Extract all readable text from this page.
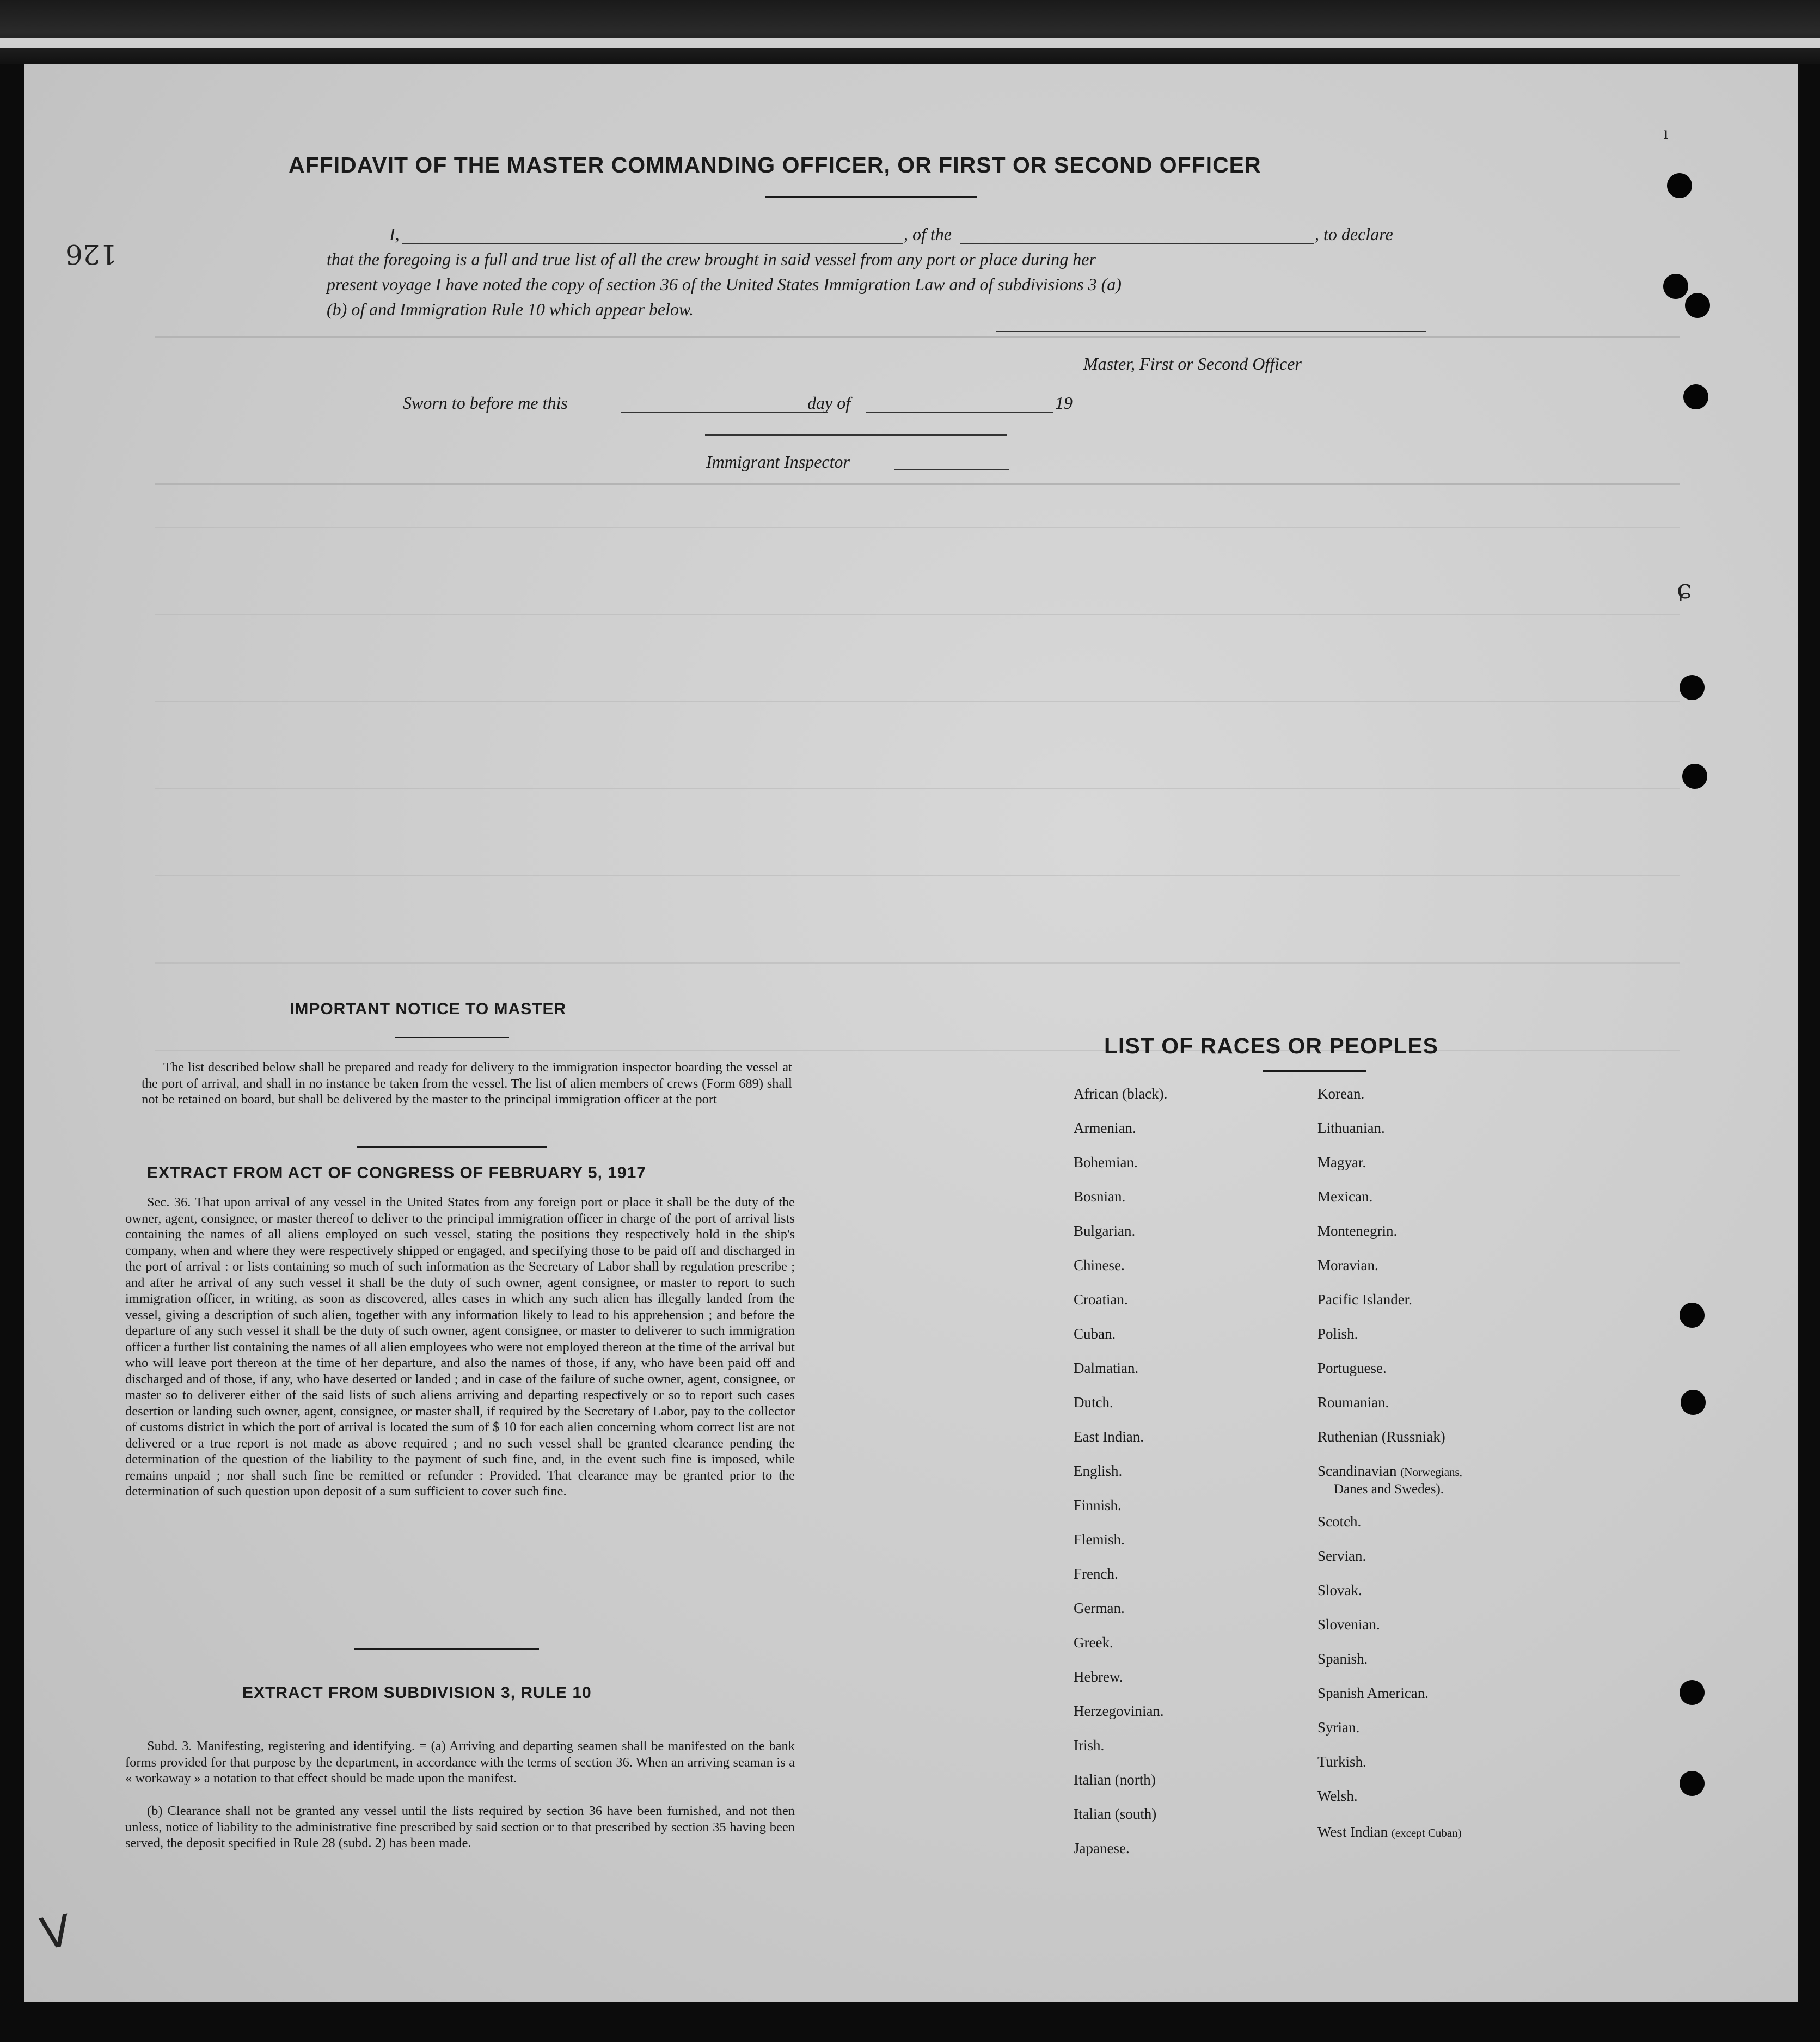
AFFIDAVIT OF THE MASTER COMMANDING OFFICER, OR FIRST OR SECOND OFFICER
I,	, of the	, to declare
that the foregoing is a full and true list of all the crew brought in said vessel from any port or place during her
present voyage I have noted the copy of section 36 of the United States Immigration Law and of subdivisions 3 (a)
(b) of and Immigration Rule 10 which appear below.
Master, First or Second Officer
Sworn to before me this	day of	19
Immigrant Inspector
126
V
ı
ɕ
IMPORTANT NOTICE TO MASTER
The list described below shall be prepared and ready for delivery to the immigration inspector boarding the vessel at the port of arrival, and shall in no instance be taken from the vessel. The list of alien members of crews (Form 689) shall not be retained on board, but shall be delivered by the master to the principal immigration officer at the port
EXTRACT FROM ACT OF CONGRESS OF FEBRUARY 5, 1917
Sec. 36. That upon arrival of any vessel in the United States from any foreign port or place it shall be the duty of the owner, agent, consignee, or master thereof to deliver to the principal immigration officer in charge of the port of arrival lists containing the names of all aliens employed on such vessel, stating the positions they respectively hold in the ship's company, when and where they were respectively shipped or engaged, and specifying those to be paid off and discharged in the port of arrival : or lists containing so much of such information as the Secretary of Labor shall by regulation prescribe ; and after he arrival of any such vessel it shall be the duty of such owner, agent consignee, or master to report to such immigration officer, in writing, as soon as discovered, alles cases in which any such alien has illegally landed from the vessel, giving a description of such alien, together with any information likely to lead to his apprehension ; and before the departure of any such vessel it shall be the duty of such owner, agent consignee, or master to deliverer to such immigration officer a further list containing the names of all alien employees who were not employed thereon at the time of the arrival but who will leave port thereon at the time of her departure, and also the names of those, if any, who have been paid off and discharged and of those, if any, who have deserted or landed ; and in case of the failure of suche owner, agent, consignee, or master so to deliverer either of the said lists of such aliens arriving and departing respectively or so to report such cases desertion or landing such owner, agent, consignee, or master shall, if required by the Secretary of Labor, pay to the collector of customs district in which the port of arrival is located the sum of $ 10 for each alien concerning whom correct list are not delivered or a true report is not made as above required ; and no such vessel shall be granted clearance pending the determination of the question of the liability to the payment of such fine, and, in the event such fine is imposed, while remains unpaid ; nor shall such fine be remitted or refunder : Provided. That clearance may be granted prior to the determination of such question upon deposit of a sum sufficient to cover such fine.
EXTRACT FROM SUBDIVISION 3, RULE 10
Subd. 3. Manifesting, registering and identifying. = (a) Arriving and departing seamen shall be manifested on the bank forms provided for that purpose by the department, in accordance with the terms of section 36. When an arriving seaman is a « workaway » a notation to that effect should be made upon the manifest.
(b) Clearance shall not be granted any vessel until the lists required by section 36 have been furnished, and not then unless, notice of liability to the administrative fine prescribed by said section or to that prescribed by section 35 having been served, the deposit specified in Rule 28 (subd. 2) has been made.
LIST OF RACES OR PEOPLES
African (black).
Armenian.
Bohemian.
Bosnian.
Bulgarian.
Chinese.
Croatian.
Cuban.
Dalmatian.
Dutch.
East Indian.
English.
Finnish.
Flemish.
French.
German.
Greek.
Hebrew.
Herzegovinian.
Irish.
Italian (north)
Italian (south)
Japanese.
Korean.
Lithuanian.
Magyar.
Mexican.
Montenegrin.
Moravian.
Pacific Islander.
Polish.
Portuguese.
Roumanian.
Ruthenian (Russniak)
Scandinavian (Norwegians,
Danes and Swedes).
Scotch.
Servian.
Slovak.
Slovenian.
Spanish.
Spanish American.
Syrian.
Turkish.
Welsh.
West Indian (except Cuban)
